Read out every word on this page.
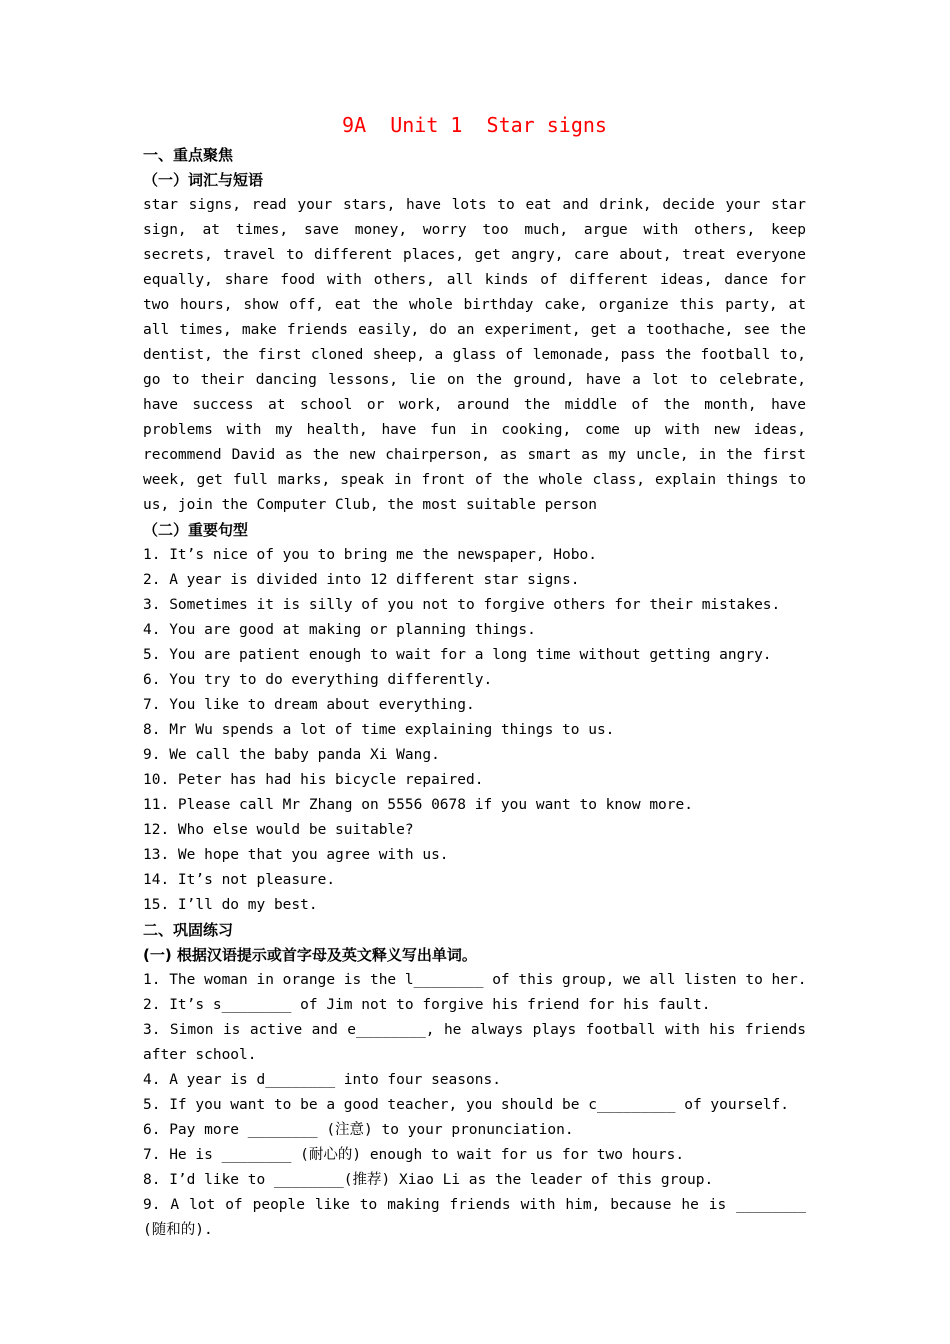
9A  Unit 1  Star signs
一、重点聚焦
（一）词汇与短语

star signs, read your stars, have lots to eat and drink, decide your star sign, at times, save money, worry too much, argue with others, keep secrets, travel to different places, get angry, care about, treat everyone equally, share food with others, all kinds of different ideas, dance for two hours, show off, eat the whole birthday cake, organize this party, at all times, make friends easily, do an experiment, get a toothache, see the dentist, the first cloned sheep, a glass of lemonade, pass the football to, go to their dancing lessons, lie on the ground, have a lot to celebrate, have success at school or work, around the middle of the month, have problems with my health, have fun in cooking, come up with new ideas, recommend David as the new chairperson, as smart as my uncle, in the first week, get full marks, speak in front of the whole class, explain things to us, join the Computer Club, the most suitable person

（二）重要句型
1. It’s nice of you to bring me the newspaper, Hobo.
2. A year is divided into 12 different star signs.
3. Sometimes it is silly of you not to forgive others for their mistakes.
4. You are good at making or planning things.
5. You are patient enough to wait for a long time without getting angry.
6. You try to do everything differently.
7. You like to dream about everything.
8. Mr Wu spends a lot of time explaining things to us.
9. We call the baby panda Xi Wang.
10. Peter has had his bicycle repaired.
11. Please call Mr Zhang on 5556 0678 if you want to know more.
12. Who else would be suitable?
13. We hope that you agree with us.
14. It’s not pleasure.
15. I’ll do my best.
二、巩固练习
(一) 根据汉语提示或首字母及英文释义写出单词。
1. The woman in orange is the l________ of this group, we all listen to her.
2. It’s s________ of Jim not to forgive his friend for his fault.

3. Simon is active and e________, he always plays football with his friends after school.

4. A year is d________ into four seasons.
5. If you want to be a good teacher, you should be c_________ of yourself.
6. Pay more ________ (注意) to your pronunciation.
7. He is ________ (耐心的) enough to wait for us for two hours.
8. I’d like to ________(推荐) Xiao Li as the leader of this group.

9. A lot of people like to making friends with him, because he is ________ (随和的).
